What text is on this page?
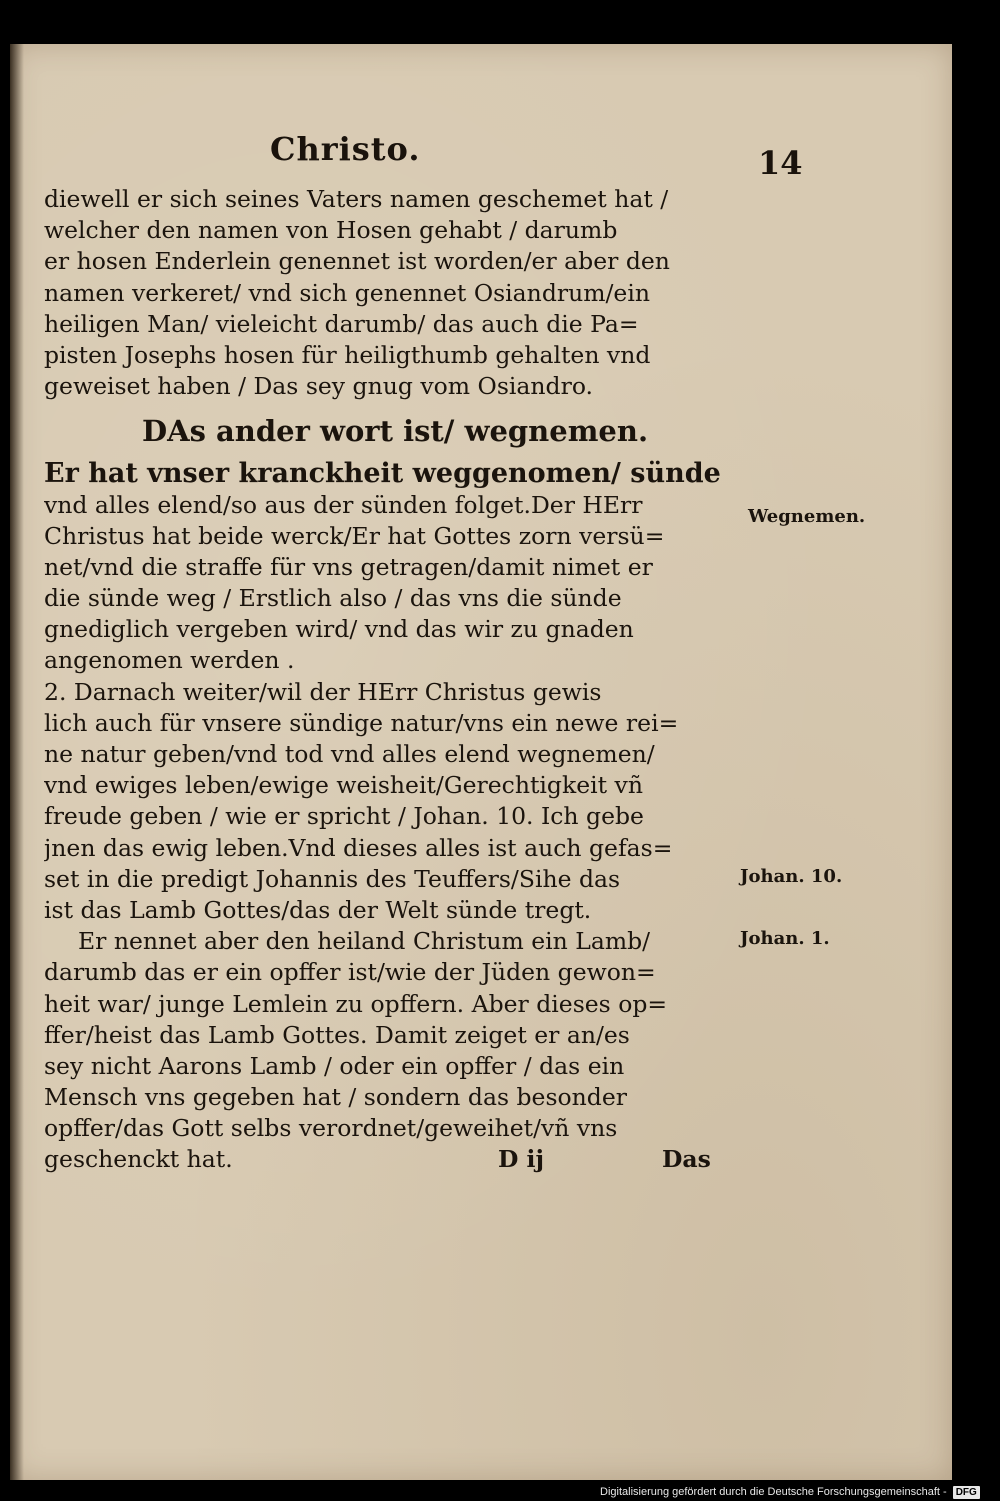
Christo.	14
diewell er sich seines Vaters namen geschemet hat /
welcher den namen von Hosen gehabt / darumb
er hosen Enderlein genennet ist worden/er aber den
namen verkeret/ vnd sich genennet Osiandrum/ein
heiligen Man/ vieleicht darumb/ das auch die Pa=
pisten Josephs hosen für heiligthumb gehalten vnd
geweiset haben / Das sey gnug vom Osiandro.
DAs ander wort ist/ wegnemen.
Er hat vnser kranckheit weggenomen/ sünde
vnd alles elend/so aus der sünden folget.Der HErr
Christus hat beide werck/Er hat Gottes zorn versü=
net/vnd die straffe für vns getragen/damit nimet er
die sünde weg / Erstlich also / das vns die sünde
gnediglich vergeben wird/ vnd das wir zu gnaden
angenomen werden .
2. Darnach weiter/wil der HErr Christus gewis
lich auch für vnsere sündige natur/vns ein newe rei=
ne natur geben/vnd tod vnd alles elend wegnemen/
vnd ewiges leben/ewige weisheit/Gerechtigkeit vñ
freude geben / wie er spricht / Johan. 10. Ich gebe
jnen das ewig leben.Vnd dieses alles ist auch gefas=
set in die predigt Johannis des Teuffers/Sihe das
ist das Lamb Gottes/das der Welt sünde tregt.
Er nennet aber den heiland Christum ein Lamb/
darumb das er ein opffer ist/wie der Jüden gewon=
heit war/ junge Lemlein zu opffern. Aber dieses op=
ffer/heist das Lamb Gottes. Damit zeiget er an/es
sey nicht Aarons Lamb / oder ein opffer / das ein
Mensch vns gegeben hat / sondern das besonder
opffer/das Gott selbs verordnet/geweihet/vñ vns
geschenckt hat.	D ij	Das
Wegnemen.
Johan. 10.
Johan. 1.
Digitalisierung gefördert durch die Deutsche Forschungsgemeinschaft - DFG
